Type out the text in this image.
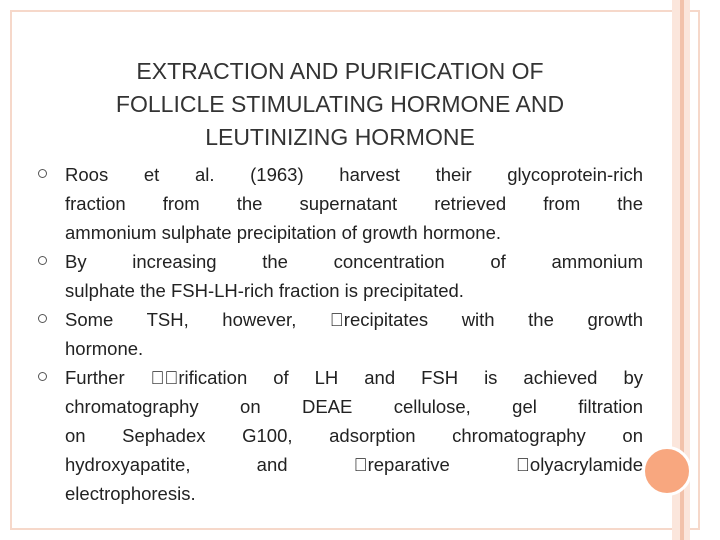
EXTRACTION AND PURIFICATION OF
FOLLICLE STIMULATING HORMONE AND
LEUTINIZING HORMONE
Roos et al. (1963) harvest their glycoprotein-rich
fraction from the supernatant retrieved from the
ammonium sulphate precipitation of growth hormone.
By increasing the concentration of ammonium
sulphate the FSH-LH-rich fraction is precipitated.
Some TSH, however, recipitates with the growth
hormone.
Further rification of LH and FSH is achieved by
chromatography on DEAE cellulose, gel filtration
on Sephadex G100, adsorption chromatography on
hydroxyapatite, and reparative olyacrylamide
electrophoresis.
